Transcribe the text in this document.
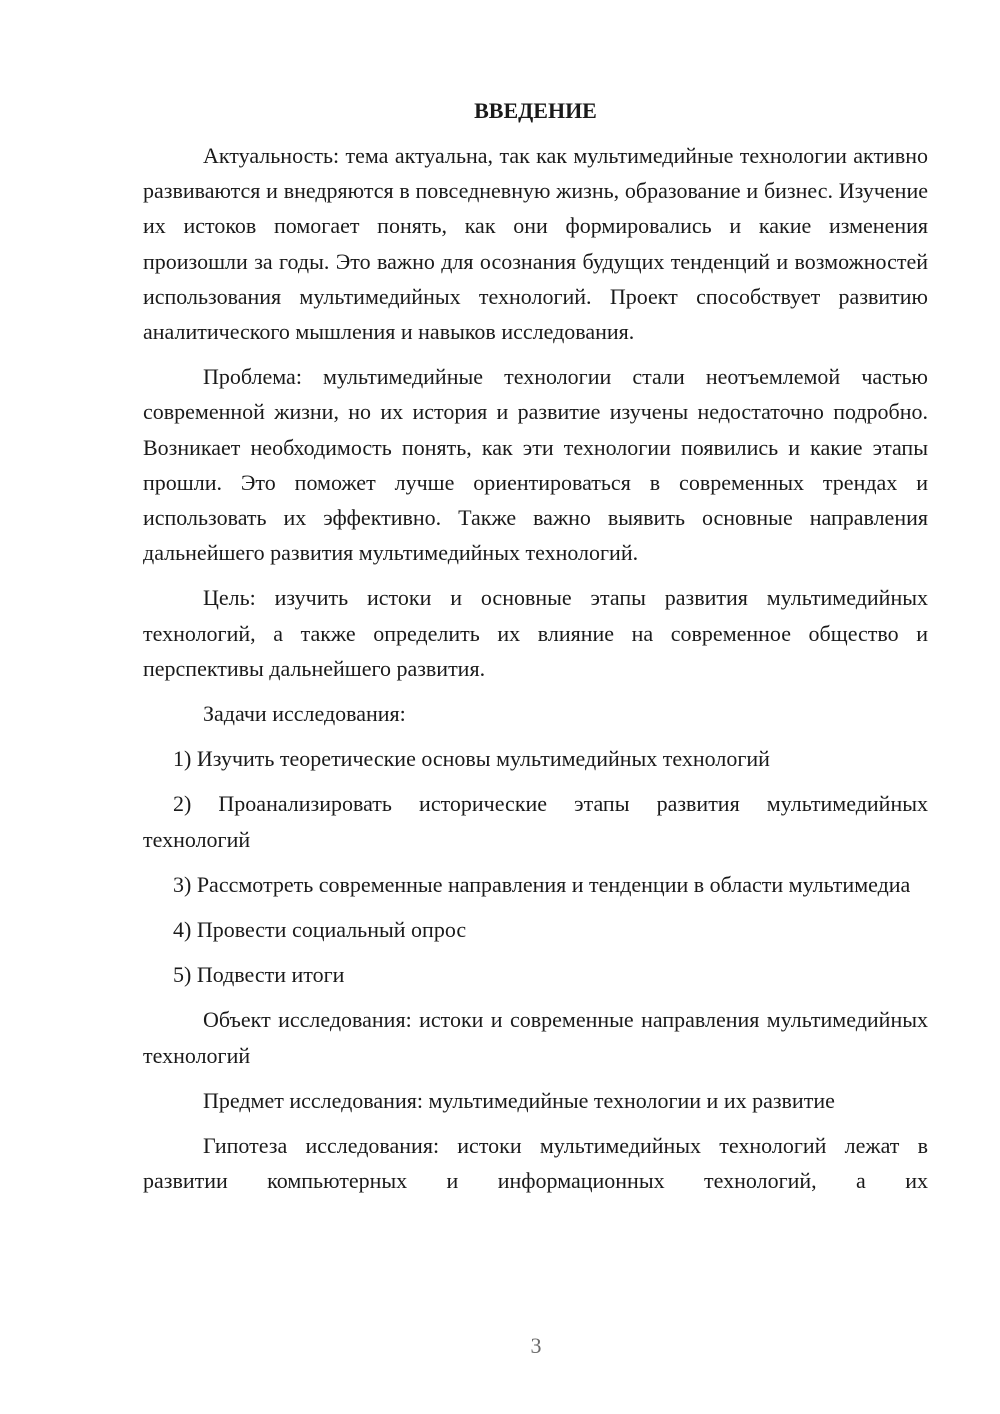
ВВЕДЕНИЕ

Актуальность: тема актуальна, так как мультимедийные технологии активно развиваются и внедряются в повседневную жизнь, образование и бизнес. Изучение их истоков помогает понять, как они формировались и какие изменения произошли за годы. Это важно для осознания будущих тенденций и возможностей использования мультимедийных технологий. Проект способствует развитию аналитического мышления и навыков исследования.

Проблема: мультимедийные технологии стали неотъемлемой частью современной жизни, но их история и развитие изучены недостаточно подробно. Возникает необходимость понять, как эти технологии появились и какие этапы прошли. Это поможет лучше ориентироваться в современных трендах и использовать их эффективно. Также важно выявить основные направления дальнейшего развития мультимедийных технологий.

Цель: изучить истоки и основные этапы развития мультимедийных технологий, а также определить их влияние на современное общество и перспективы дальнейшего развития.

Задачи исследования:

1) Изучить теоретические основы мультимедийных технологий

2) Проанализировать исторические этапы развития мультимедийных технологий

3) Рассмотреть современные направления и тенденции в области мультимедиа

4) Провести социальный опрос

5) Подвести итоги

Объект исследования: истоки и современные направления мультимедийных технологий

Предмет исследования: мультимедийные технологии и их развитие

Гипотеза исследования: истоки мультимедийных технологий лежат в развитии компьютерных и информационных технологий, а их

3
